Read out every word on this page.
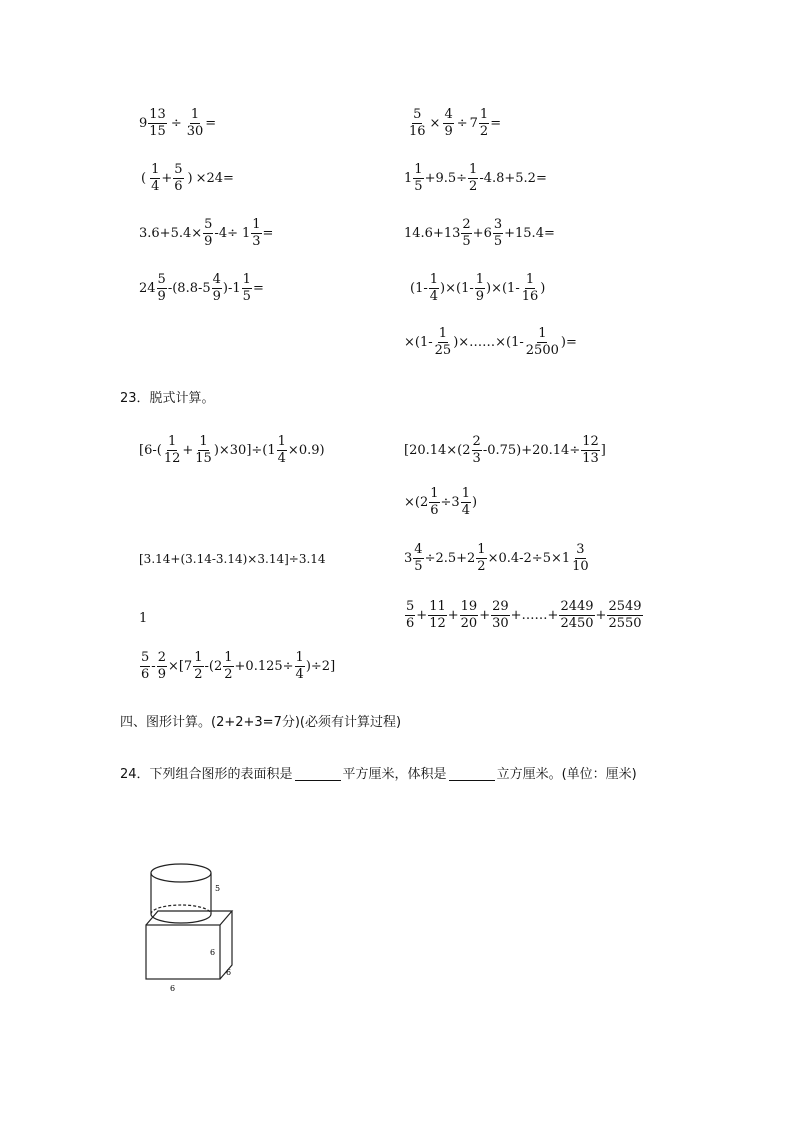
$9 \frac{13}{15} \div \frac{1}{30}$ =	$\frac{5}{16} \times \frac{4}{9} \div 7 \frac{1}{2}$ =
( $\frac{1}{4} + \frac{5}{6}$ ) ×24=	$1 \frac{1}{5} +9.5\div \frac{1}{2} -4.8+5.2=$
$3.6+5.4\times \frac{5}{9} -4\div 1 \frac{1}{3}$ =	$14.6+13 \frac{2}{5} +6 \frac{3}{5} +15.4=$
$24 \frac{5}{9} -(8.8-5 \frac{4}{9} )-1 \frac{1}{5}$ =	$(1- \frac{1}{4} )\times(1- \frac{1}{9} )\times(1- \frac{1}{16}$ )
$\times(1- \frac{1}{25}$ )×……×(1- $\frac{1}{2500}$ )=
23．脱式计算。
$[6-( \frac{1}{12} + \frac{1}{15} )\times 30]\div(1 \frac{1}{4} \times 0.9)$	[$20.14\times(2 \frac{2}{3} -0.75)+20.14\div \frac{12}{13}$ ]
$\times(2 \frac{1}{6} \div 3 \frac{1}{4}$ )
[3.14+(3.14-3.14)×3.14]÷3.14	$3 \frac{4}{5} \div 2.5+2 \frac{1}{2} \times 0.4-2\div 5\times 1 \frac{3}{10}$
1	$\frac{5}{6} + \frac{11}{12} + \frac{19}{20} + \frac{29}{30}$ +……+ $\frac{2449}{2450} + \frac{2549}{2550}$
$\frac{5}{6} - \frac{2}{9} \times[7 \frac{1}{2} -(2 \frac{1}{2} +0.125\div \frac{1}{4} )\div 2]$
四、图形计算。(2+2+3=7分)(必须有计算过程)
24．下列组合图形的表面积是	平方厘米，体积是	立方厘米。(单位：厘米)
5
6
6
6
